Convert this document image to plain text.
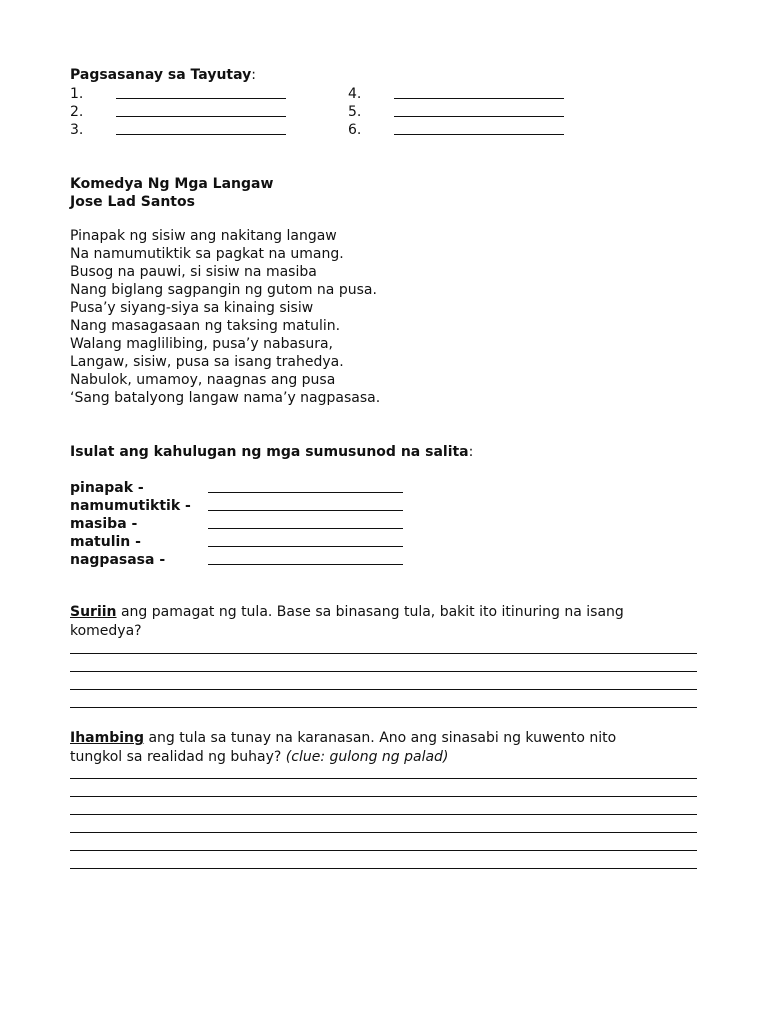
Pagsasanay sa Tayutay:
1.
2.
3.
4.
5.
6.
Komedya Ng Mga Langaw
Jose Lad Santos
Pinapak ng sisiw ang nakitang langaw
Na namumutiktik sa pagkat na umang.
Busog na pauwi, si sisiw na masiba
Nang biglang sagpangin ng gutom na pusa.
Pusa’y siyang-siya sa kinaing sisiw
Nang masagasaan ng taksing matulin.
Walang maglilibing, pusa’y nabasura,
Langaw, sisiw, pusa sa isang trahedya.
Nabulok, umamoy, naagnas ang pusa
‘Sang batalyong langaw nama’y nagpasasa.
Isulat ang kahulugan ng mga sumusunod na salita:
pinapak -
namumutiktik -
masiba -
matulin -
nagpasasa -
Suriin ang pamagat ng tula. Base sa binasang tula, bakit ito itinuring na isang komedya?
Ihambing ang tula sa tunay na karanasan. Ano ang sinasabi ng kuwento nito tungkol sa realidad ng buhay? (clue: gulong ng palad)
